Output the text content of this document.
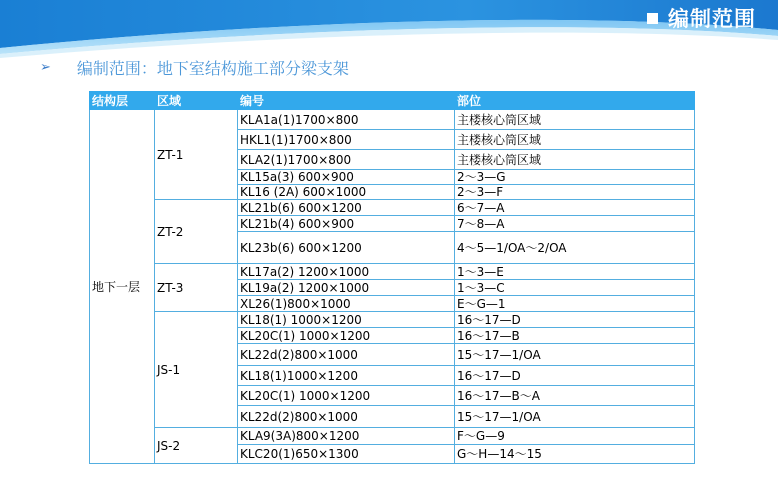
编制范围
➢ 编制范围：地下室结构施工部分梁支架
结构层	区域	编号	部位
地下一层	ZT-1	KLA1a(1)1700×800	主楼核心筒区域
		HKL1(1)1700×800	主楼核心筒区域
		KLA2(1)1700×800	主楼核心筒区域
		KL15a(3) 600×900	2～3—G
		KL16 (2A) 600×1000	2～3—F
	ZT-2	KL21b(6) 600×1200	6～7—A
		KL21b(4) 600×900	7～8—A
		KL23b(6) 600×1200	4～5—1/OA～2/OA
	ZT-3	KL17a(2) 1200×1000	1～3—E
		KL19a(2) 1200×1000	1～3—C
		XL26(1)800×1000	E～G—1
	JS-1	KL18(1) 1000×1200	16～17—D
		KL20C(1) 1000×1200	16～17—B
		KL22d(2)800×1000	15～17—1/OA
		KL18(1)1000×1200	16～17—D
		KL20C(1) 1000×1200	16～17—B～A
		KL22d(2)800×1000	15～17—1/OA
	JS-2	KLA9(3A)800×1200	F～G—9
		KLC20(1)650×1300	G～H—14～15
